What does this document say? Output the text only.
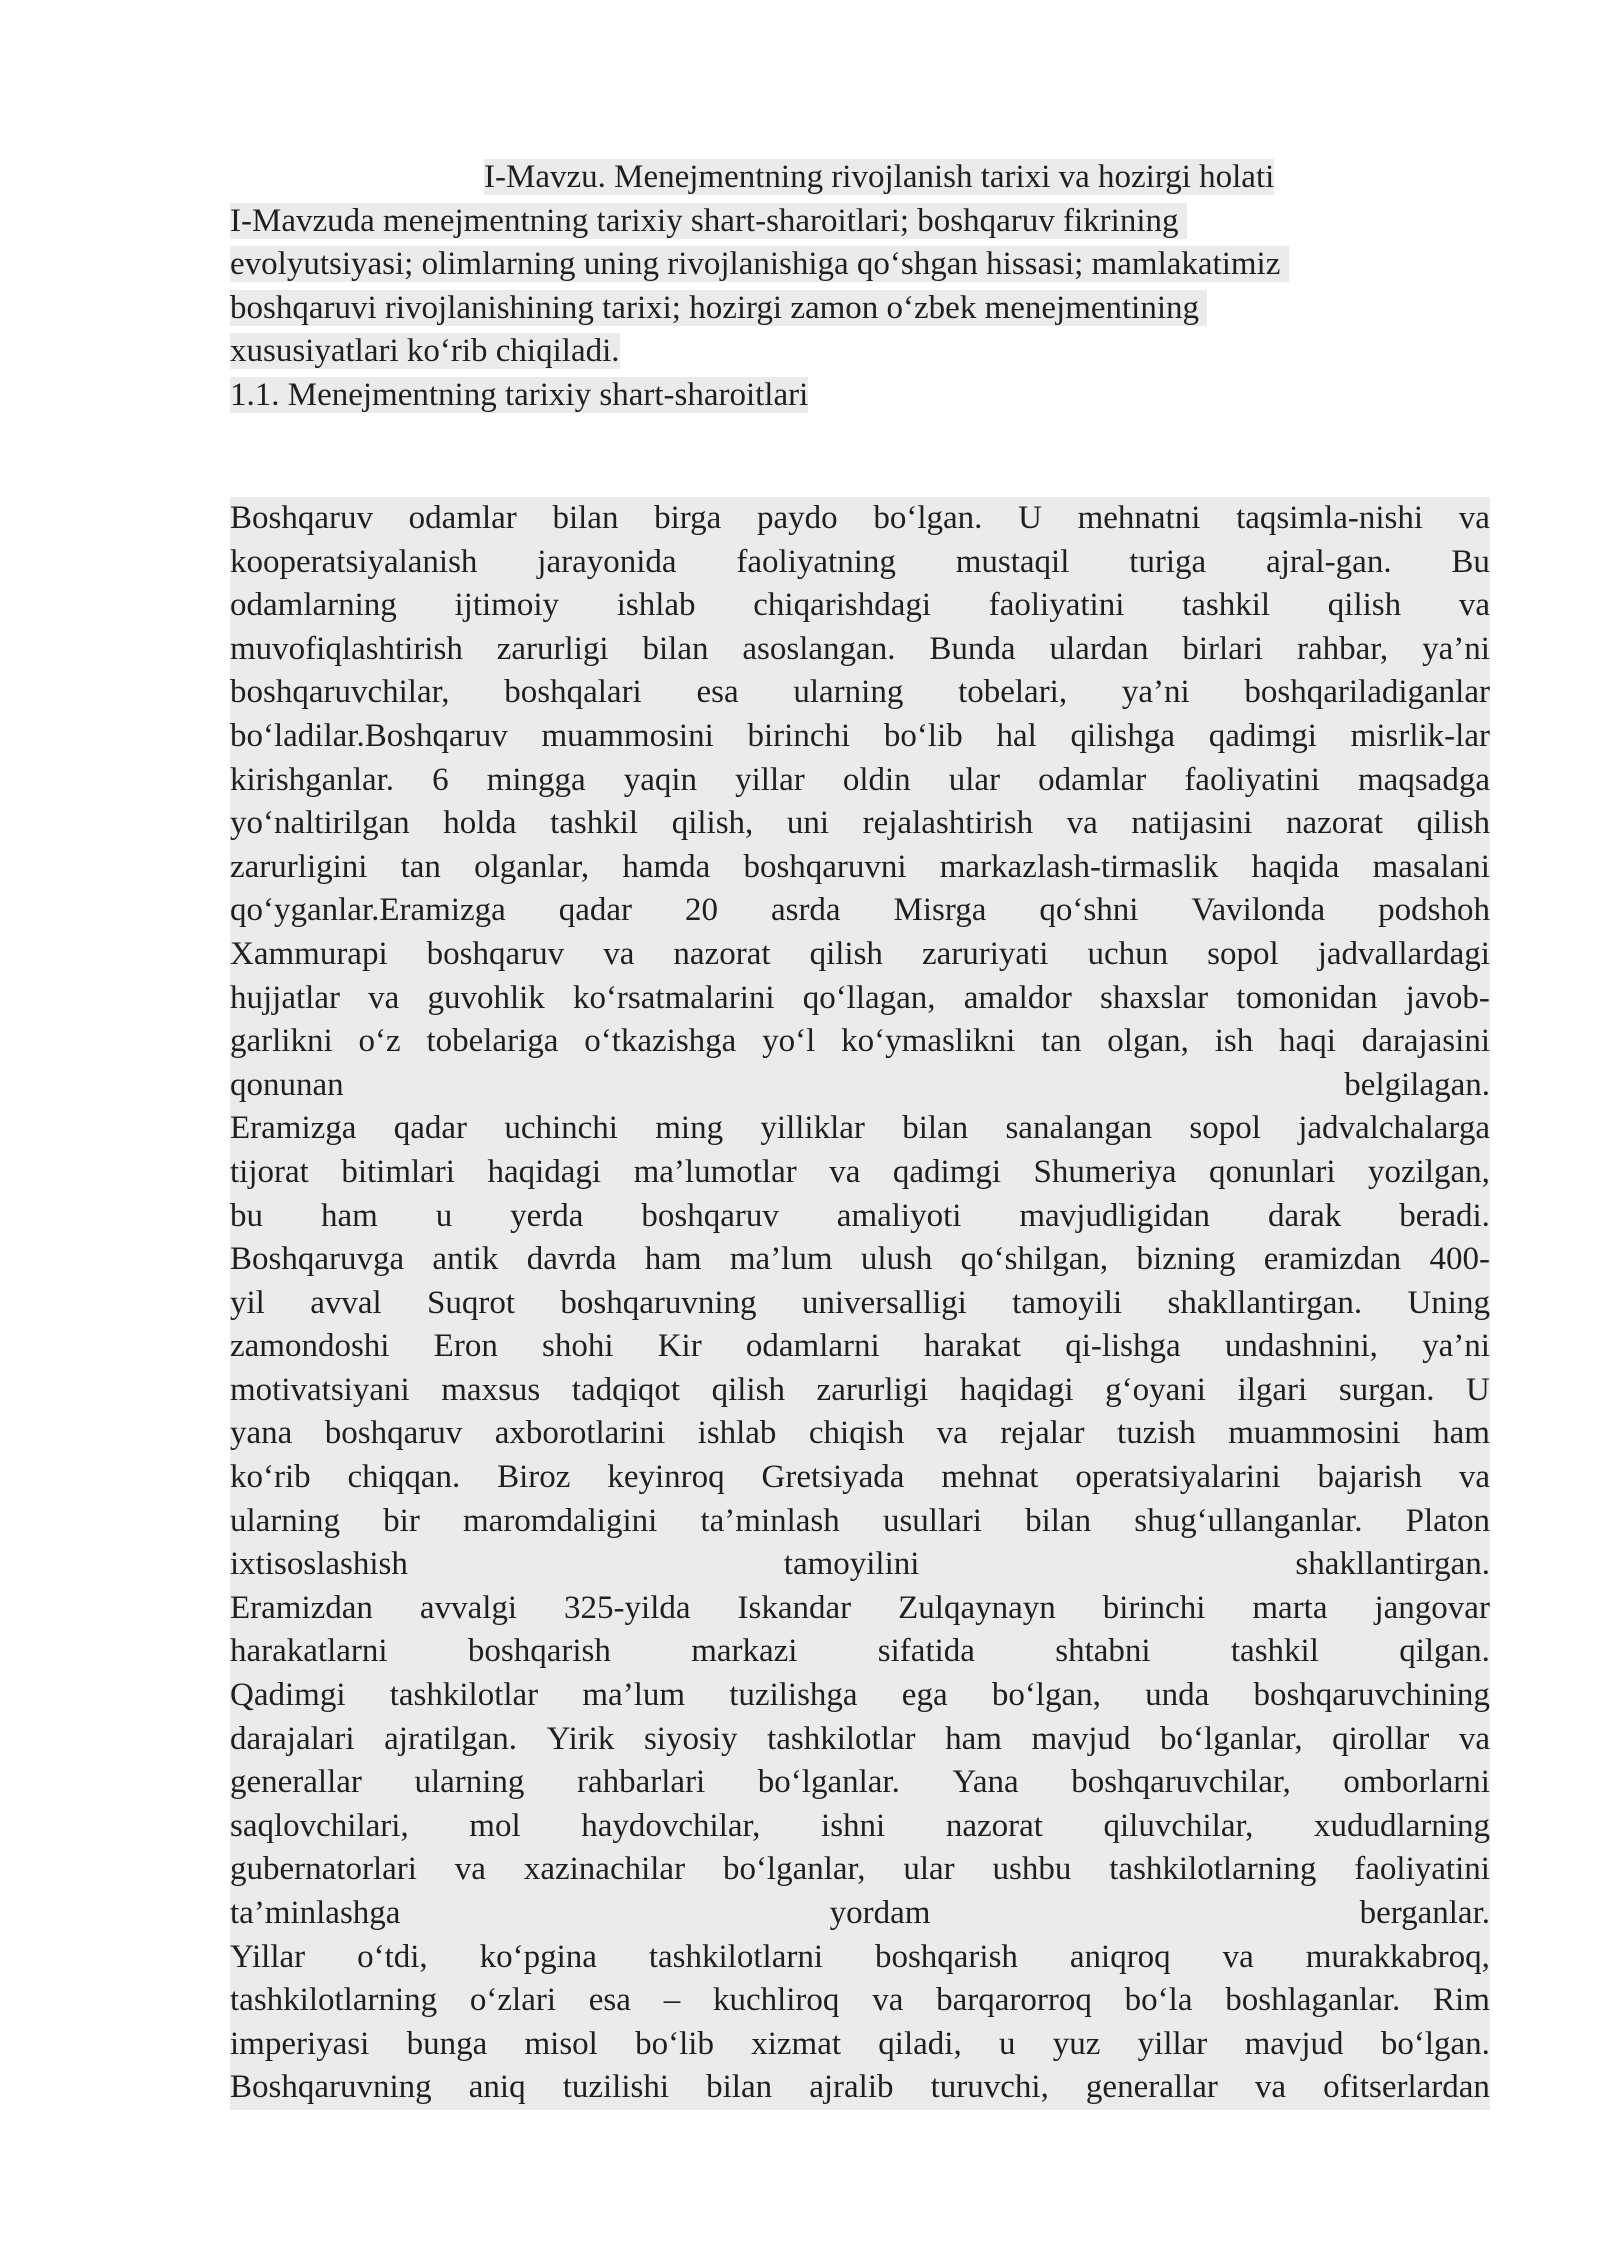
I-Mavzu. Menejmentning rivojlanish tarixi va hozirgi holati
I-Mavzuda menejmentning tarixiy shart-sharoitlari; boshqaruv fikrining
evolyutsiyasi; olimlarning uning rivojlanishiga qo‘shgan hissasi; mamlakatimiz
boshqaruvi rivojlanishining tarixi; hozirgi zamon o‘zbek menejmentining
xususiyatlari ko‘rib chiqiladi.
1.1. Menejmentning tarixiy shart-sharoitlari
Boshqaruv odamlar bilan birga paydo bo‘lgan. U mehnatni taqsimla-nishi va
kooperatsiyalanish jarayonida faoliyatning mustaqil turiga ajral-gan. Bu
odamlarning ijtimoiy ishlab chiqarishdagi faoliyatini tashkil qilish va
muvofiqlashtirish zarurligi bilan asoslangan. Bunda ulardan birlari rahbar, ya’ni
boshqaruvchilar, boshqalari esa ularning tobelari, ya’ni boshqariladiganlar
bo‘ladilar.Boshqaruv muammosini birinchi bo‘lib hal qilishga qadimgi misrlik-lar
kirishganlar. 6 mingga yaqin yillar oldin ular odamlar faoliyatini maqsadga
yo‘naltirilgan holda tashkil qilish, uni rejalashtirish va natijasini nazorat qilish
zarurligini tan olganlar, hamda boshqaruvni markazlash-tirmaslik haqida masalani
qo‘yganlar.Eramizga qadar 20 asrda Misrga qo‘shni Vavilonda podshoh
Xammurapi boshqaruv va nazorat qilish zaruriyati uchun sopol jadvallardagi
hujjatlar va guvohlik ko‘rsatmalarini qo‘llagan, amaldor shaxslar tomonidan javob-
garlikni o‘z tobelariga o‘tkazishga yo‘l ko‘ymaslikni tan olgan, ish haqi darajasini
qonunan	belgilagan.
Eramizga qadar uchinchi ming yilliklar bilan sanalangan sopol jadvalchalarga
tijorat bitimlari haqidagi ma’lumotlar va qadimgi Shumeriya qonunlari yozilgan,
bu ham u yerda boshqaruv amaliyoti mavjudligidan darak beradi.
Boshqaruvga antik davrda ham ma’lum ulush qo‘shilgan, bizning eramizdan 400-
yil avval Suqrot boshqaruvning universalligi tamoyili shakllantirgan. Uning
zamondoshi Eron shohi Kir odamlarni harakat qi-lishga undashnini, ya’ni
motivatsiyani maxsus tadqiqot qilish zarurligi haqidagi g‘oyani ilgari surgan. U
yana boshqaruv axborotlarini ishlab chiqish va rejalar tuzish muammosini ham
ko‘rib chiqqan. Biroz keyinroq Gretsiyada mehnat operatsiyalarini bajarish va
ularning bir maromdaligini ta’minlash usullari bilan shug‘ullanganlar. Platon
ixtisoslashish	tamoyilini	shakllantirgan.
Eramizdan avvalgi 325-yilda Iskandar Zulqaynayn birinchi marta jangovar
harakatlarni boshqarish markazi sifatida shtabni tashkil qilgan.
Qadimgi tashkilotlar ma’lum tuzilishga ega bo‘lgan, unda boshqaruvchining
darajalari ajratilgan. Yirik siyosiy tashkilotlar ham mavjud bo‘lganlar, qirollar va
generallar ularning rahbarlari bo‘lganlar. Yana boshqaruvchilar, omborlarni
saqlovchilari, mol haydovchilar, ishni nazorat qiluvchilar, xududlarning
gubernatorlari va xazinachilar bo‘lganlar, ular ushbu tashkilotlarning faoliyatini
ta’minlashga	yordam	berganlar.
Yillar o‘tdi, ko‘pgina tashkilotlarni boshqarish aniqroq va murakkabroq,
tashkilotlarning o‘zlari esa – kuchliroq va barqarorroq bo‘la boshlaganlar. Rim
imperiyasi bunga misol bo‘lib xizmat qiladi, u yuz yillar mavjud bo‘lgan.
Boshqaruvning aniq tuzilishi bilan ajralib turuvchi, generallar va ofitserlardan
